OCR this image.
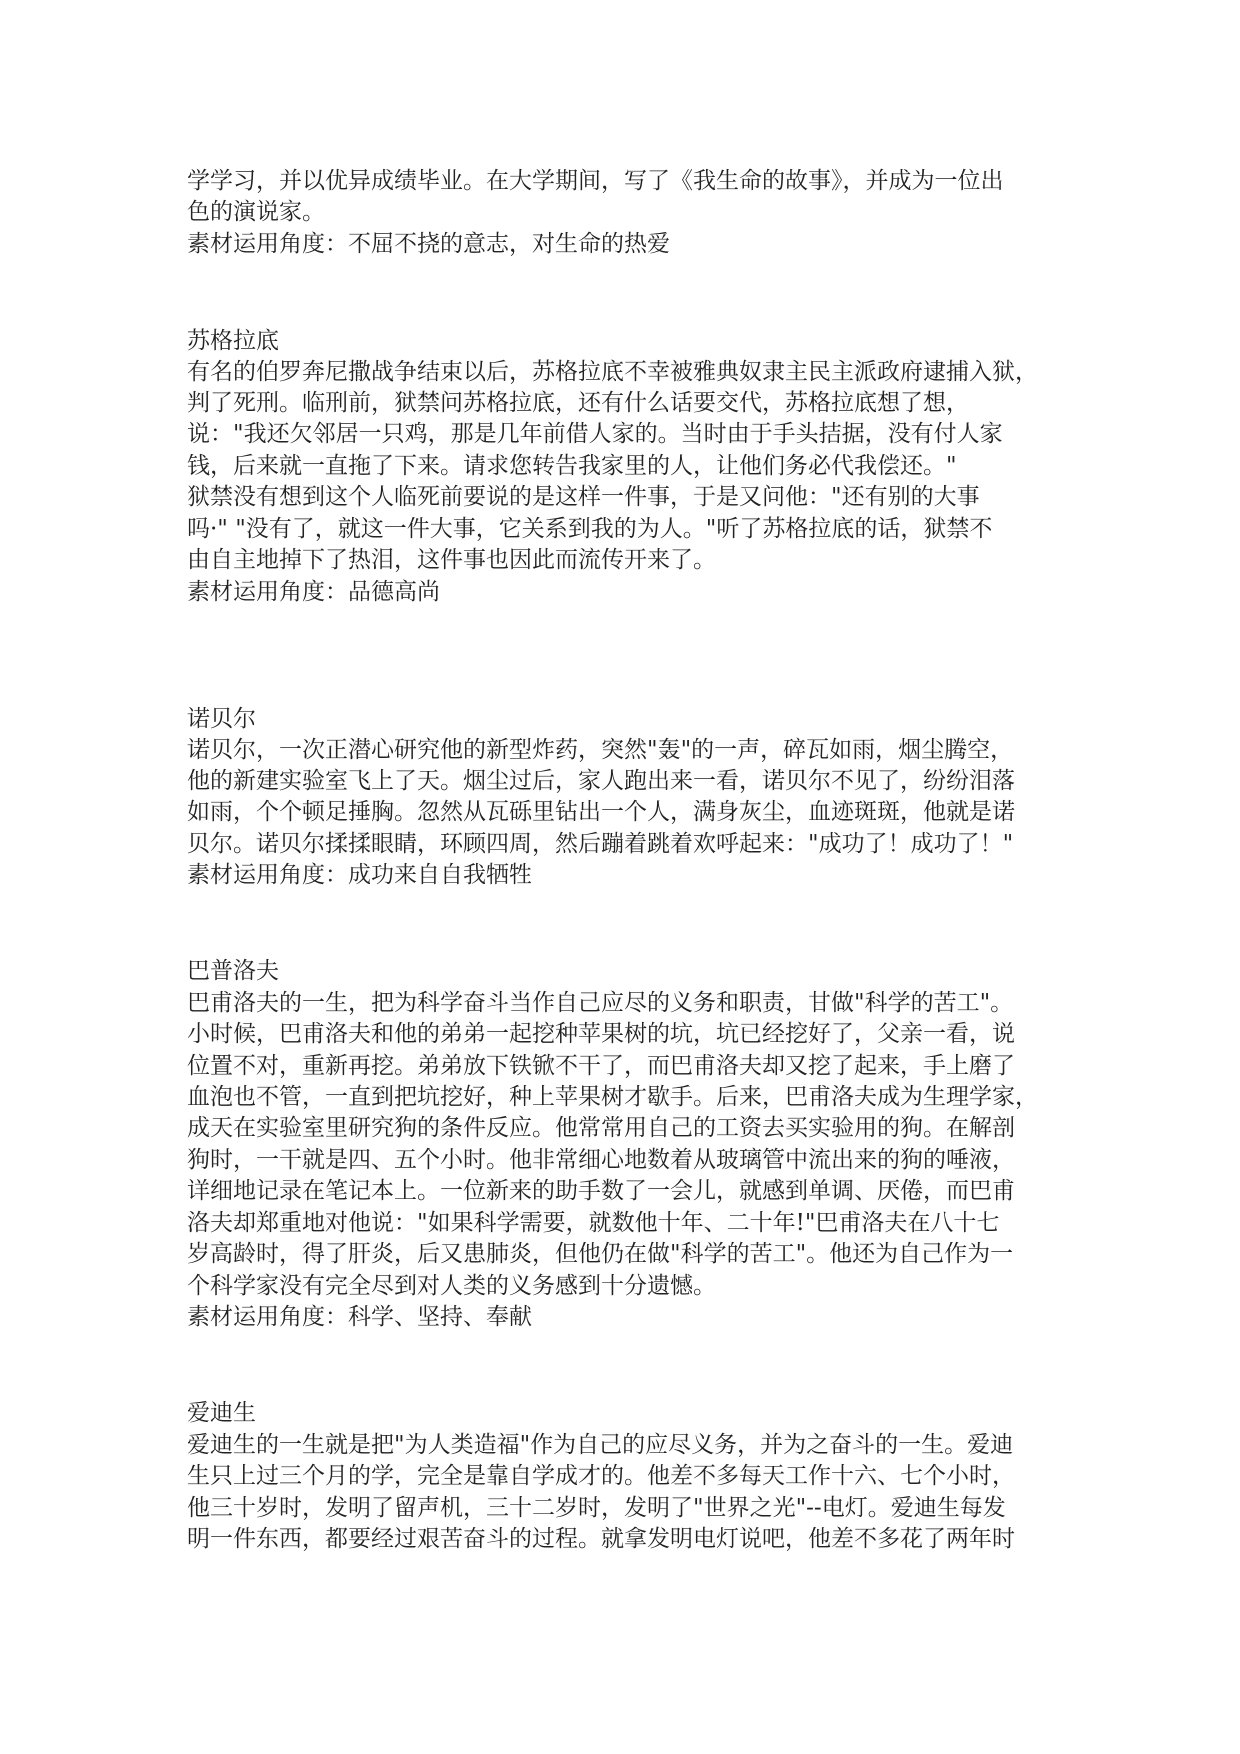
学学习，并以优异成绩毕业。在大学期间，写了《我生命的故事》，并成为一位出

色的演说家。

素材运用角度：不屈不挠的意志，对生命的热爱

苏格拉底

有名的伯罗奔尼撒战争结束以后，苏格拉底不幸被雅典奴隶主民主派政府逮捕入狱，

判了死刑。临刑前，狱禁问苏格拉底，还有什么话要交代，苏格拉底想了想，

说："我还欠邻居一只鸡，那是几年前借人家的。当时由于手头拮据，没有付人家

钱，后来就一直拖了下来。请求您转告我家里的人，让他们务必代我偿还。"

狱禁没有想到这个人临死前要说的是这样一件事，于是又问他："还有别的大事

吗·" "没有了，就这一件大事，它关系到我的为人。"听了苏格拉底的话，狱禁不

由自主地掉下了热泪，这件事也因此而流传开来了。

素材运用角度：品德高尚

诺贝尔

诺贝尔，一次正潜心研究他的新型炸药，突然"轰"的一声，碎瓦如雨，烟尘腾空，

他的新建实验室飞上了天。烟尘过后，家人跑出来一看，诺贝尔不见了，纷纷泪落

如雨，个个顿足捶胸。忽然从瓦砾里钻出一个人，满身灰尘，血迹斑斑，他就是诺

贝尔。诺贝尔揉揉眼睛，环顾四周，然后蹦着跳着欢呼起来："成功了！成功了！"

素材运用角度：成功来自自我牺牲

巴普洛夫

巴甫洛夫的一生，把为科学奋斗当作自己应尽的义务和职责，甘做"科学的苦工"。

小时候，巴甫洛夫和他的弟弟一起挖种苹果树的坑，坑已经挖好了，父亲一看，说

位置不对，重新再挖。弟弟放下铁锨不干了，而巴甫洛夫却又挖了起来，手上磨了

血泡也不管，一直到把坑挖好，种上苹果树才歇手。后来，巴甫洛夫成为生理学家，

成天在实验室里研究狗的条件反应。他常常用自己的工资去买实验用的狗。在解剖

狗时，一干就是四、五个小时。他非常细心地数着从玻璃管中流出来的狗的唾液，

详细地记录在笔记本上。一位新来的助手数了一会儿，就感到单调、厌倦，而巴甫

洛夫却郑重地对他说："如果科学需要，就数他十年、二十年!"巴甫洛夫在八十七

岁高龄时，得了肝炎，后又患肺炎，但他仍在做"科学的苦工"。他还为自己作为一

个科学家没有完全尽到对人类的义务感到十分遗憾。

素材运用角度：科学、坚持、奉献

爱迪生

爱迪生的一生就是把"为人类造福"作为自己的应尽义务，并为之奋斗的一生。爱迪

生只上过三个月的学，完全是靠自学成才的。他差不多每天工作十六、七个小时，

他三十岁时，发明了留声机，三十二岁时，发明了"世界之光"--电灯。爱迪生每发

明一件东西，都要经过艰苦奋斗的过程。就拿发明电灯说吧，他差不多花了两年时
